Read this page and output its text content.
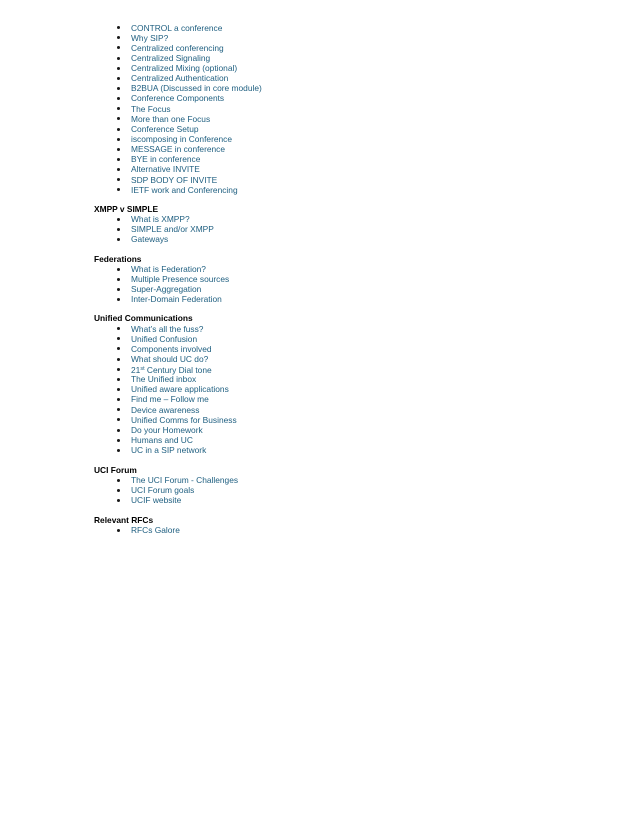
CONTROL a conference
Why SIP?
Centralized conferencing
Centralized Signaling
Centralized Mixing (optional)
Centralized Authentication
B2BUA (Discussed in core module)
Conference Components
The Focus
More than one Focus
Conference Setup
iscomposing in Conference
MESSAGE in conference
BYE in conference
Alternative INVITE
SDP BODY OF INVITE
IETF work and Conferencing
XMPP v SIMPLE
What is XMPP?
SIMPLE and/or XMPP
Gateways
Federations
What is Federation?
Multiple Presence sources
Super-Aggregation
Inter-Domain Federation
Unified Communications
What’s all the fuss?
Unified Confusion
Components involved
What should UC do?
21st Century Dial tone
The Unified inbox
Unified aware applications
Find me – Follow me
Device awareness
Unified Comms for Business
Do your Homework
Humans and UC
UC in a SIP network
UCI Forum
The UCI Forum - Challenges
UCI Forum goals
UCIF website
Relevant RFCs
RFCs Galore
